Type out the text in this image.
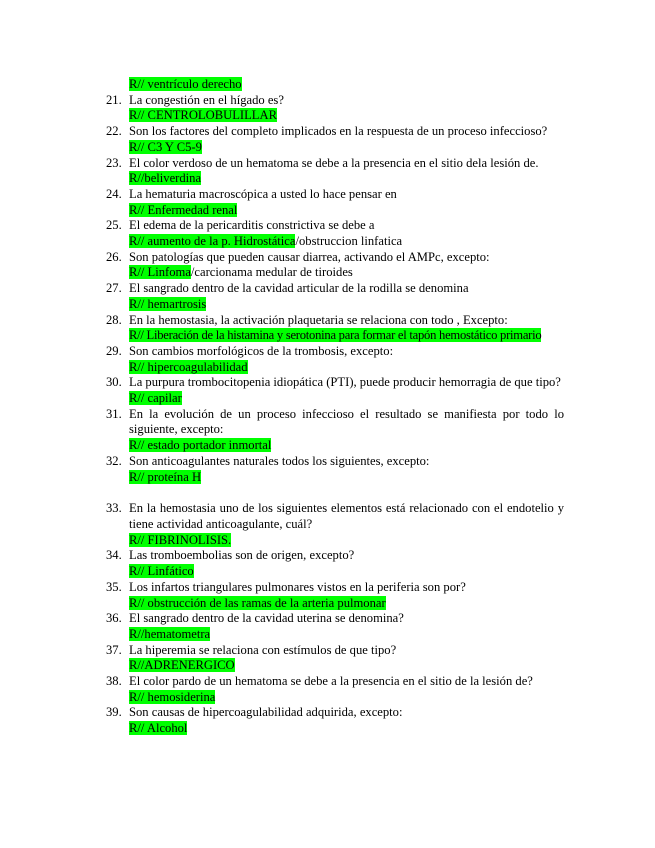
R// ventrículo derecho
21. La congestión en el hígado es?
R// CENTROLOBULILLAR
22. Son los factores del completo implicados en la respuesta de un proceso infeccioso?
R// C3 Y C5-9
23. El color verdoso de un hematoma se debe a la presencia en el sitio dela lesión de.
R//beliverdina
24. La hematuria macroscópica a usted lo hace pensar en
R// Enfermedad renal
25. El edema de la pericarditis constrictiva se debe a
R// aumento de la p. Hidrostática/obstruccion linfatica
26. Son patologías que pueden causar diarrea, activando el AMPc, excepto:
R// Linfoma/carcionama medular de tiroides
27. El sangrado dentro de la cavidad articular de la rodilla se denomina
R// hemartrosis
28. En la hemostasia, la activación plaquetaria se relaciona con todo , Excepto:
R// Liberación de la histamina y serotonina para formar el tapón hemostático primario
29. Son cambios morfológicos de la trombosis, excepto:
R// hipercoagulabilidad
30. La purpura trombocitopenia idiopática (PTI), puede producir hemorragia de que tipo?
R// capilar
31. En la evolución de un proceso infeccioso el resultado se manifiesta por todo lo
siguiente, excepto:
R// estado portador inmortal
32. Son anticoagulantes naturales todos los siguientes, excepto:
R// proteína H
33. En la hemostasia uno de los siguientes elementos está relacionado con el endotelio y
tiene actividad anticoagulante, cuál?
R// FIBRINOLISIS.
34. Las tromboembolias son de origen, excepto?
R// Linfático
35. Los infartos triangulares pulmonares vistos en la periferia son por?
R// obstrucción de las ramas de la arteria pulmonar
36. El sangrado dentro de la cavidad uterina se denomina?
R//hematometra
37. La hiperemia se relaciona con estímulos de que tipo?
R//ADRENERGICO
38. El color pardo de un hematoma se debe a la presencia en el sitio de la lesión de?
R// hemosiderina
39. Son causas de hipercoagulabilidad adquirida, excepto:
R// Alcohol
